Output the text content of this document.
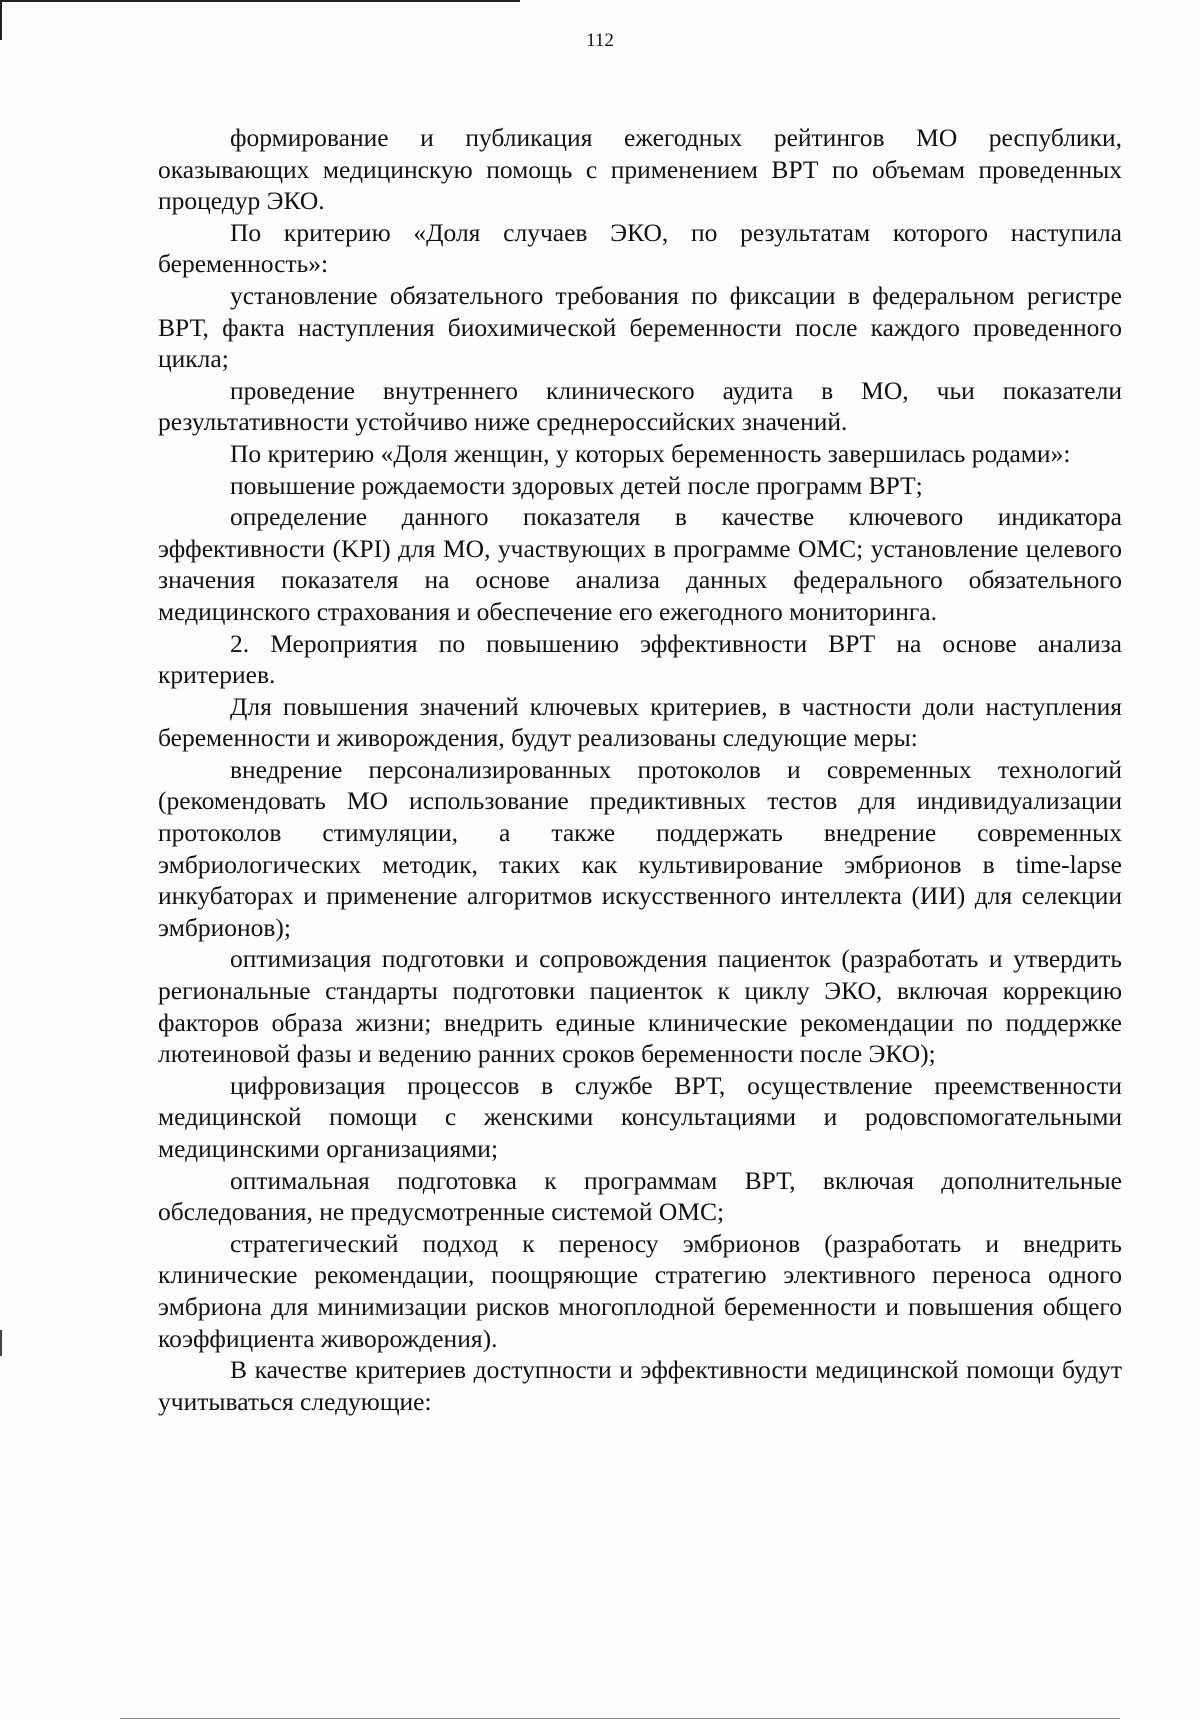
112

формирование и публикация ежегодных рейтингов МО республики, оказывающих медицинскую помощь с применением ВРТ по объемам проведенных процедур ЭКО.

По критерию «Доля случаев ЭКО, по результатам которого наступила беременность»:

установление обязательного требования по фиксации в федеральном регистре ВРТ, факта наступления биохимической беременности после каждого проведенного цикла;

проведение внутреннего клинического аудита в МО, чьи показатели результативности устойчиво ниже среднероссийских значений.

По критерию «Доля женщин, у которых беременность завершилась родами»:

повышение рождаемости здоровых детей после программ ВРТ;

определение данного показателя в качестве ключевого индикатора эффективности (KPI) для МО, участвующих в программе ОМС; установление целевого значения показателя на основе анализа данных федерального обязательного медицинского страхования и обеспечение его ежегодного мониторинга.

2. Мероприятия по повышению эффективности ВРТ на основе анализа критериев.

Для повышения значений ключевых критериев, в частности доли наступления беременности и живорождения, будут реализованы следующие меры:

внедрение персонализированных протоколов и современных технологий (рекомендовать МО использование предиктивных тестов для индивидуализации протоколов стимуляции, а также поддержать внедрение современных эмбриологических методик, таких как культивирование эмбрионов в time-lapse инкубаторах и применение алгоритмов искусственного интеллекта (ИИ) для селекции эмбрионов);

оптимизация подготовки и сопровождения пациенток (разработать и утвердить региональные стандарты подготовки пациенток к циклу ЭКО, включая коррекцию факторов образа жизни; внедрить единые клинические рекомендации по поддержке лютеиновой фазы и ведению ранних сроков беременности после ЭКО);

цифровизация процессов в службе ВРТ, осуществление преемственности медицинской помощи с женскими консультациями и родовспомогательными медицинскими организациями;

оптимальная подготовка к программам ВРТ, включая дополнительные обследования, не предусмотренные системой ОМС;

стратегический подход к переносу эмбрионов (разработать и внедрить клинические рекомендации, поощряющие стратегию элективного переноса одного эмбриона для минимизации рисков многоплодной беременности и повышения общего коэффициента живорождения).

В качестве критериев доступности и эффективности медицинской помощи будут учитываться следующие:
